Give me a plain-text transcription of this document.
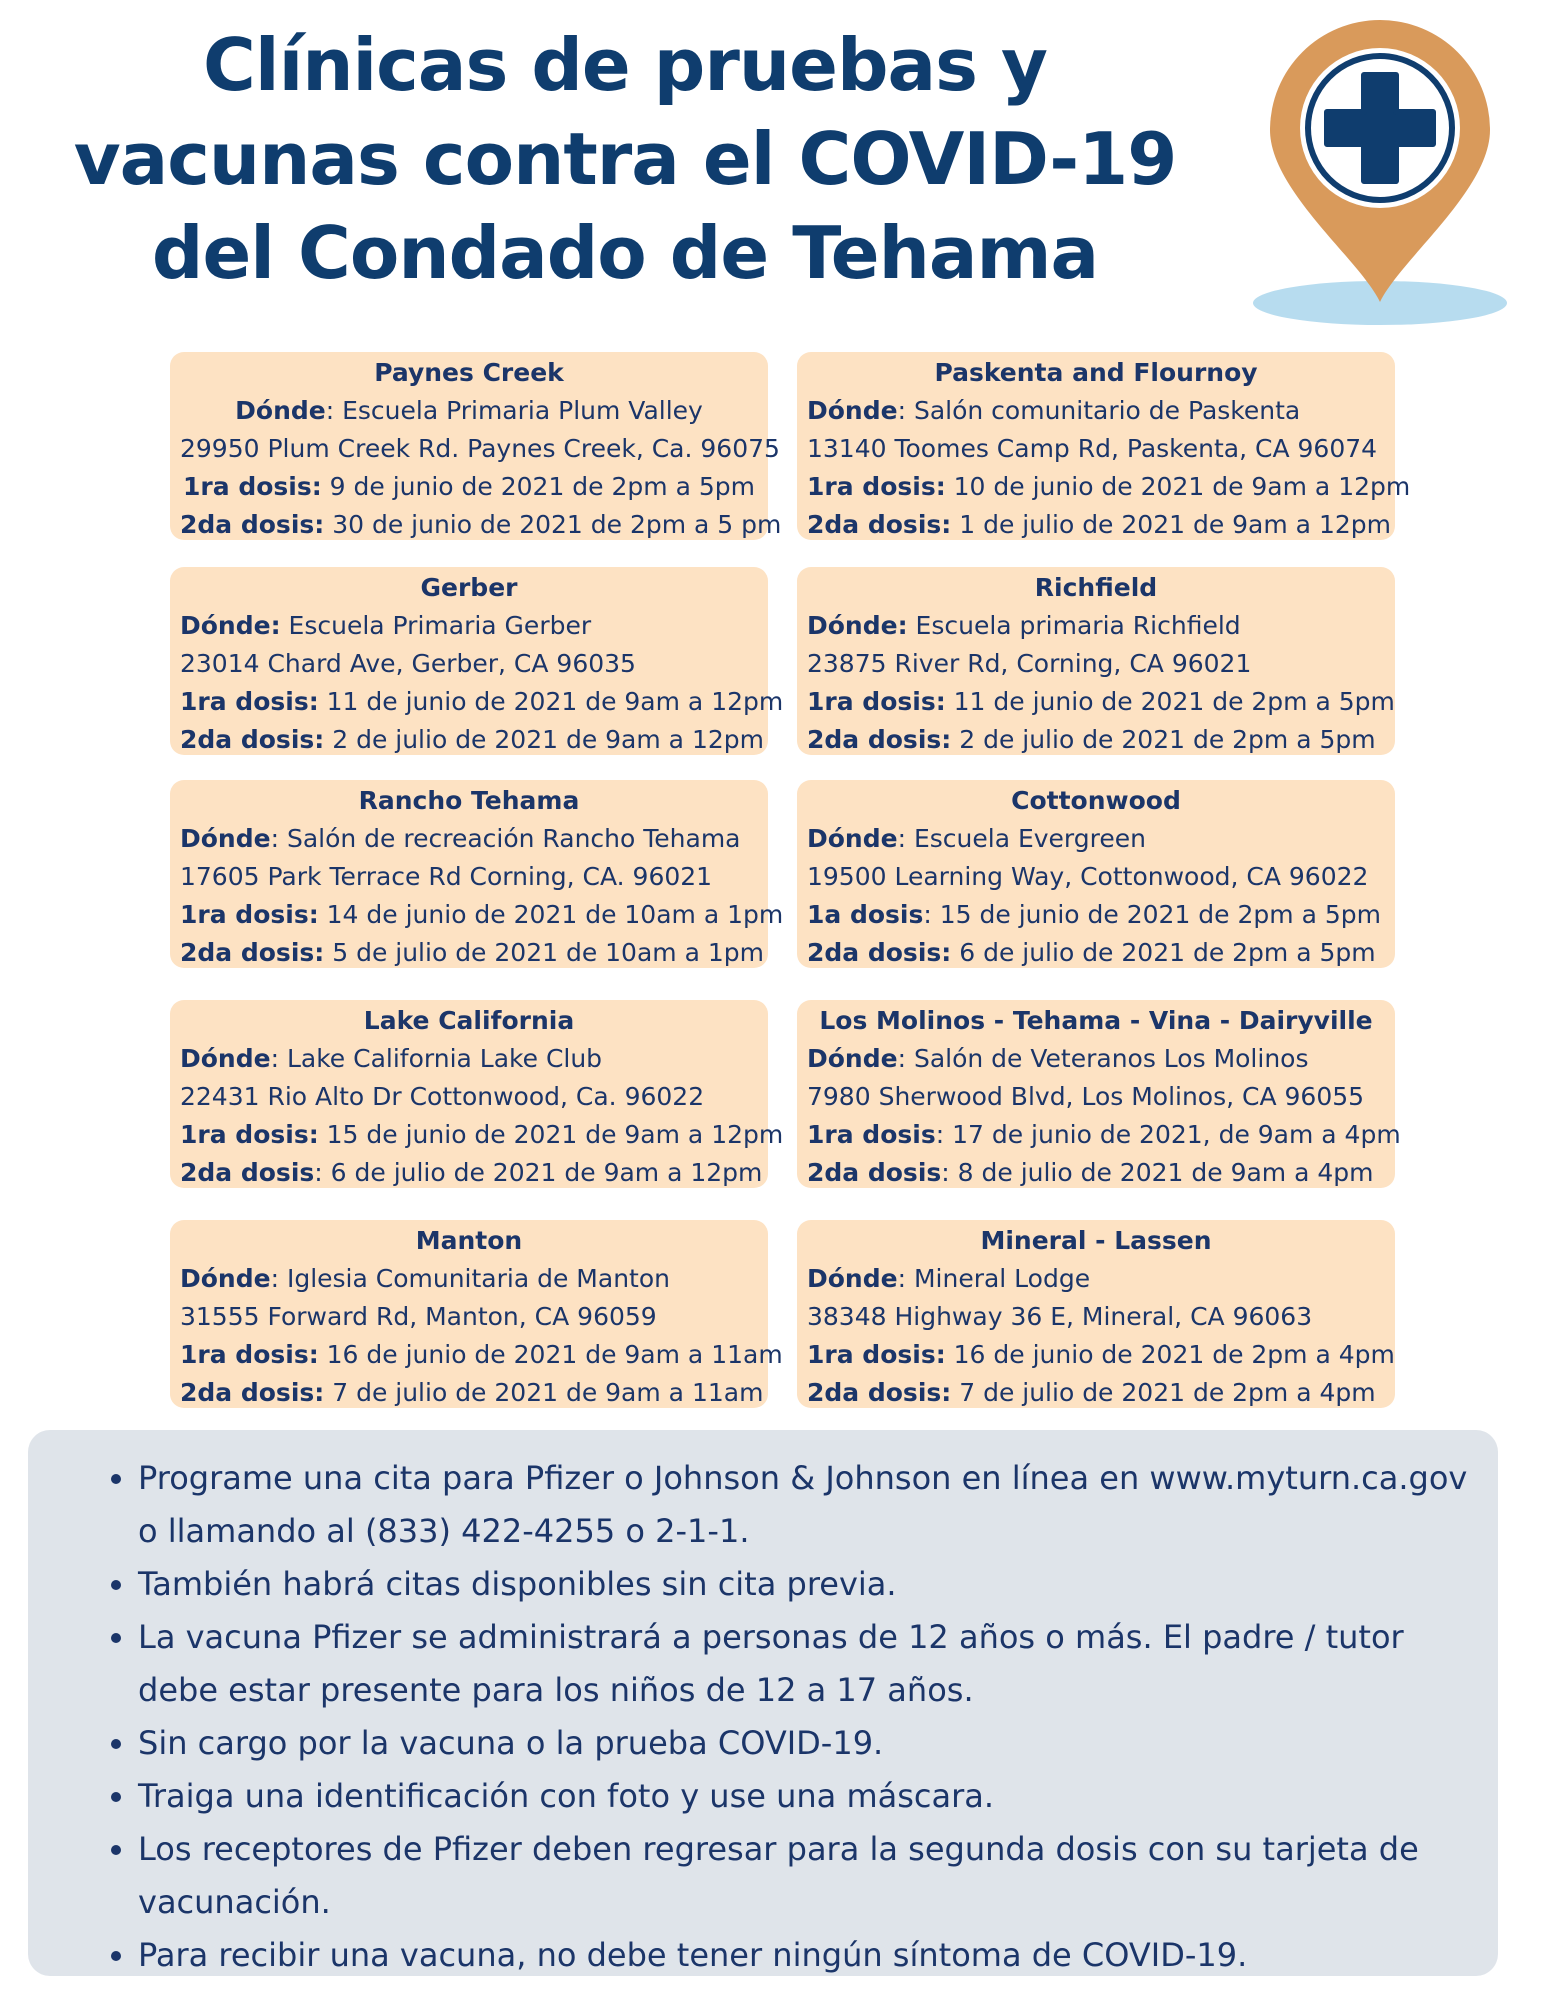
Clínicas de pruebas y
vacunas contra el COVID-19
del Condado de Tehama
Paynes Creek
Dónde: Escuela Primaria Plum Valley
29950 Plum Creek Rd. Paynes Creek, Ca. 96075
1ra dosis: 9 de junio de 2021 de 2pm a 5pm
2da dosis: 30 de junio de 2021 de 2pm a 5 pm
Paskenta and Flournoy
Dónde: Salón comunitario de Paskenta
13140 Toomes Camp Rd, Paskenta, CA 96074
1ra dosis: 10 de junio de 2021 de 9am a 12pm
2da dosis: 1 de julio de 2021 de 9am a 12pm
Gerber
Dónde: Escuela Primaria Gerber
23014 Chard Ave, Gerber, CA 96035
1ra dosis: 11 de junio de 2021 de 9am a 12pm
2da dosis: 2 de julio de 2021 de 9am a 12pm
Richfield
Dónde: Escuela primaria Richfield
23875 River Rd, Corning, CA 96021
1ra dosis: 11 de junio de 2021 de 2pm a 5pm
2da dosis: 2 de julio de 2021 de 2pm a 5pm
Rancho Tehama
Dónde: Salón de recreación Rancho Tehama
17605 Park Terrace Rd Corning, CA. 96021
1ra dosis: 14 de junio de 2021 de 10am a 1pm
2da dosis: 5 de julio de 2021 de 10am a 1pm
Cottonwood
Dónde: Escuela Evergreen
19500 Learning Way, Cottonwood, CA 96022
1a dosis: 15 de junio de 2021 de 2pm a 5pm
2da dosis: 6 de julio de 2021 de 2pm a 5pm
Lake California
Dónde: Lake California Lake Club
22431 Rio Alto Dr Cottonwood, Ca. 96022
1ra dosis: 15 de junio de 2021 de 9am a 12pm
2da dosis: 6 de julio de 2021 de 9am a 12pm
Los Molinos - Tehama - Vina - Dairyville
Dónde: Salón de Veteranos Los Molinos
7980 Sherwood Blvd, Los Molinos, CA 96055
1ra dosis: 17 de junio de 2021, de 9am a 4pm
2da dosis: 8 de julio de 2021 de 9am a 4pm
Manton
Dónde: Iglesia Comunitaria de Manton
31555 Forward Rd, Manton, CA 96059
1ra dosis: 16 de junio de 2021 de 9am a 11am
2da dosis: 7 de julio de 2021 de 9am a 11am
Mineral - Lassen
Dónde: Mineral Lodge
38348 Highway 36 E, Mineral, CA 96063
1ra dosis: 16 de junio de 2021 de 2pm a 4pm
2da dosis: 7 de julio de 2021 de 2pm a 4pm
• Programe una cita para Pfizer o Johnson & Johnson en línea en www.myturn.ca.gov o llamando al (833) 422-4255 o 2-1-1.
• También habrá citas disponibles sin cita previa.
• La vacuna Pfizer se administrará a personas de 12 años o más. El padre / tutor debe estar presente para los niños de 12 a 17 años.
• Sin cargo por la vacuna o la prueba COVID-19.
• Traiga una identificación con foto y use una máscara.
• Los receptores de Pfizer deben regresar para la segunda dosis con su tarjeta de vacunación.
• Para recibir una vacuna, no debe tener ningún síntoma de COVID-19.
